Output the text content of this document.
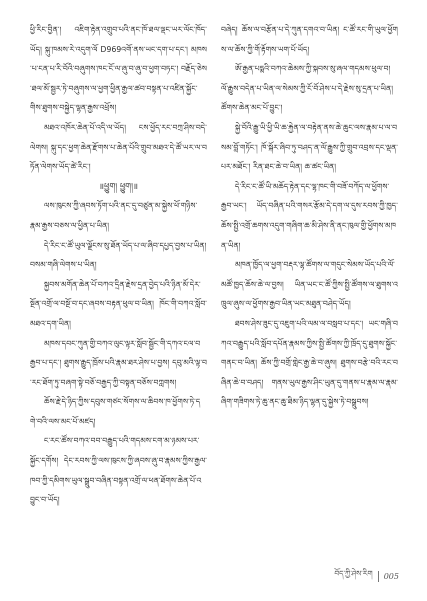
ཕྱི་རིང་བྱིན་། འཇིག་རྟེན་འགྲུབ་པའི་ནང་ཁོ་ཐལ་ལྡང་ཡར་ལོང་ཁོད་ཡོད། སྐུ་ཁམས་རེ་འདུག་ལོ D969འགོ་ནས་ཡང་དག་པ་དང་། མཁས་པ་ངན་པ་རི་བོའི་བཞུགས་ཁང་ངོ་ལ་ཞུ་བ་ཞུ་བ་ཕྱག་བཏང་། བརྗོད་ཅེས་ཐལ་མོ་སྦྱར་ཏེ་བཞུགས་ལ་ཕྱག་ཕྱིན་རྒྱལ་ཚབ་བསྟན་པ་འཛིན་སྐྱོང་གིས་ཐུགས་བསྐྱེད་ལྷན་རྒྱས་འཕྲོས།

མཐའ་འཁོར་ཆེན་པོ་འདི་ལ་ཡོད། ངས་ཕྱོད་རང་བཀྲ་ཤིས་བདེ་ལེགས། སྐུ་དང་ཕྱག་ཆེན་རྫོགས་པ་ཆེན་པོའི་གྲུབ་མཐའ་དེ་ཚོ་ཡར་ལ་བཏོན་ལེགས་ཡོད་ཚེ་རིང་།

॥ཕྱུག། ཕྱུག།॥

ལས་ཁུངས་ཀྱི་ཞབས་ཏོག་པའི་ནང་དུ་བཙུན་མ་སྐྱེས་ཕོ་གཉིས་རྣམ་རྒྱས་བཅས་ལ་ཕྱིན་པ་ཡིན།

དེ་རིང་ང་ཚོ་ཡུལ་ལྗོངས་སུ་ཐོན་ཡོད་པ་ལ་ཞིབ་དཔྱད་བྱས་པ་ཡིན། བསམ་གཞི་ལེགས་པ་ཡིན།

སྐྱབས་མགོན་ཆེན་པོ་བཀའ་དྲིན་རྗེས་དྲན་བྱེད་པའི་ཉིན་མོ་དེར་སྔོན་འགྲོ་ལ་བསྔོ་བ་དང་ཞབས་བརྟན་ཕུལ་བ་ཡིན། ཁོང་གི་བཀའ་སློབ་མཐའ་དག་ཡིན།

མཁས་དབང་ཀུན་གྱི་བཀའ་ལུང་ལྟར་སློབ་སྦྱོང་གི་དཀའ་ངལ་བརྒྱབ་པ་དང་། ཐུགས་རྒྱུད་ཁྲོས་པའི་རྣམ་ཐར་ཤེས་པ་བྱས། དབུ་མའི་ལྟ་བ་རང་ཐོག་ཏུ་བཞག་སྟེ་བཅོ་བརྒྱད་ཀྱི་བསྟན་བཅོས་བཀླགས།

ཆོས་རྗེ་དེ་ཉིད་ཀྱིས་དབུས་གཙང་སོགས་ལ་ཆིབས་ཁ་ཕྱོགས་ཏེ་དགེ་བའི་ལས་མང་པོ་མཛད།

ང་རང་ཚོས་བཀའ་བབ་བརྒྱུད་པའི་གདམས་ངག་མ་ཉམས་པར་སྐྱོང་དགོས། དེང་རབས་ཀྱི་ལས་ཁུངས་ཀྱི་ཞབས་ཞུ་བ་རྣམས་ཀྱིས་རྒྱལ་ཁབ་ཀྱི་དམིགས་ཡུལ་སྒྲུབ་བཞིན་བསྟན་འགྲོ་ལ་ཕན་ཐོགས་ཆེན་པོ་འབྱུང་བ་ཡོད།

བཞེད། ཆོས་ལ་བརྩོན་པ་དེ་ཀུན་དགའ་བ་ཡིན། ང་ཚོ་རང་གི་ཡུལ་ཕྱོགས་ལ་ཆོས་ཀྱི་གོ་རྟོགས་ཡག་པོ་ཡོད།

ཨོ་རྒྱན་པདྨའི་བཀའ་ཆེམས་ཀྱི་སྐབས་སུ་ཞལ་གདམས་ཕུལ་བ། ལོ་རྒྱུས་བདེན་པ་ཡིན་ལ་སེམས་ཀྱི་ངོ་བོ་ཤེས་པ་དེ་རྗེས་སུ་དྲན་པ་ཡིན། ཚོགས་ཆེན་མང་པོ་བྱུང་།

སྐྱེ་བོའི་རྒྱུ་ཡི་ཕྱི་ཡི་ཆ་རྐྱེན་ལ་བརྟེན་ནས་ཆེ་ཆུང་ལས་རྣམ་པ་ལ་བསམ་བློ་གཏོང་། ཁོ་སྐོར་ཞིབ་ཏུ་བཤད་ན་ལོ་རྒྱུས་ཀྱི་གྲུབ་འབྲས་དང་ལྡན་པར་མཐོང་། རིན་ཐང་ཆེ་བ་ཡིན། ཆ་ཚང་ཡིན།

དེ་རིང་ང་ཚོ་ཡི་མཆོད་རྟེན་དང་ལྷ་ཁང་གི་བཟོ་བཀོད་ལ་ཕྱོགས་རྒྱབ་ཡང་། ཡོད་བཞིན་པའི་གསར་རྩོམ་དེ་དག་ལ་དུས་རབས་ཀྱི་ཁྱད་ཆོས་སྤྱི་འགྲོ་ཆགས་འདུག་གཞིག་ཆ་མི་ཤེས་ནི་ནང་ཁུལ་གྱི་ཕྱོགས་མཁན་ཡིན།

མཁན་ཁྱོད་ལ་ཕྱག་བརྡར་ལྷ་ཚོགས་ལ་གདུང་སེམས་ཡོད་པའི་ལོ་མཚོ་ཁྱད་ཆོས་ཆེ་ལ་བྱས། ཡིན་ཡང་ང་ཚོ་ཀྱིས་སྤྱི་ཚོགས་ལ་ཐུགས་འཁྲུལ་ཞུས་ལ་ཕྱོགས་རྒྱབ་ཡིན་ཡང་མཐུན་བཤེད་ཡོད།

ཐབས་ཤེས་ཟུང་དུ་འཇུག་པའི་ལམ་ལ་བསླབ་པ་དང་། ཡང་གཞི་བཀའ་བརྒྱུད་པའི་སློབ་དཔོན་རྣམས་ཀྱིས་སྤྱི་ཚོགས་ཀྱི་ཁྲོད་དུ་ཐུགས་སྐྱོང་གནང་བ་ཡིན། ཆོས་ཀྱི་བགྲོ་གླེང་རྒྱ་ཆེ་བ་ཞུས། ཐུགས་བརྩེ་བའི་རང་བཞིན་ཆེ་བ་བཤད། གནས་ཡུལ་རྒྱས་ཤིང་ཡུན་དུ་གནས་པ་རྣམ་ལ་རྣམ་ཞིག་གཟིགས་ཏེ་ཆུ་ནང་ཆུ་ཐིམ་ཉིད་ལྷན་དུ་སྐྱེས་ཏེ་བསྒྲུབས།

བོད་ཀྱི་ཤེས་རིག 005
